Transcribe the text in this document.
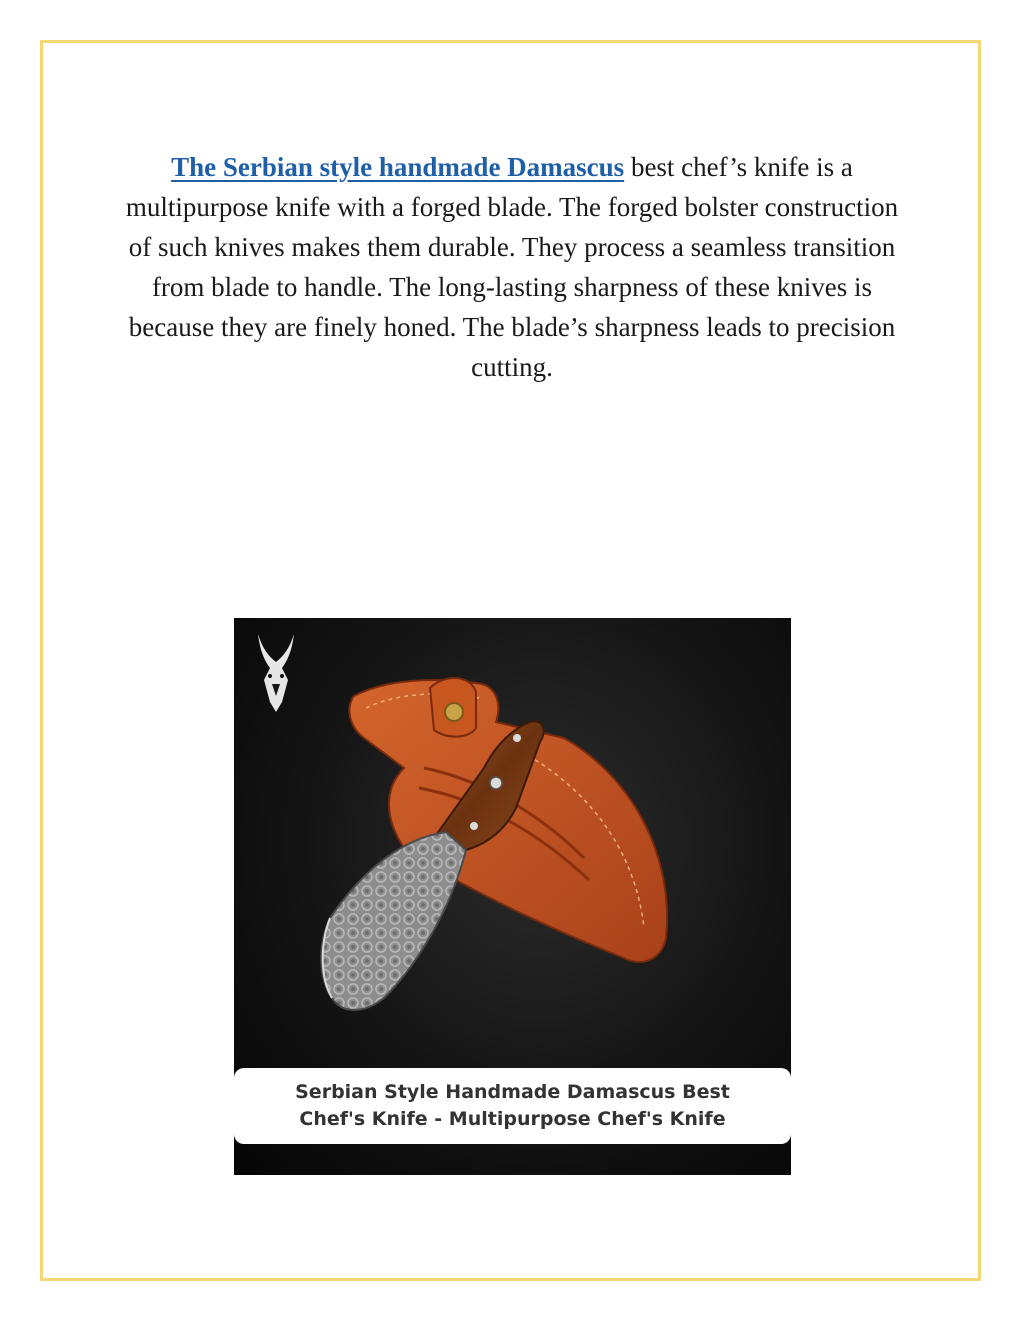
The Serbian style handmade Damascus best chef’s knife is a multipurpose knife with a forged blade. The forged bolster construction of such knives makes them durable. They process a seamless transition from blade to handle. The long-lasting sharpness of these knives is because they are finely honed. The blade’s sharpness leads to precision cutting.

Serbian Style Handmade Damascus Best
Chef's Knife - Multipurpose Chef's Knife
